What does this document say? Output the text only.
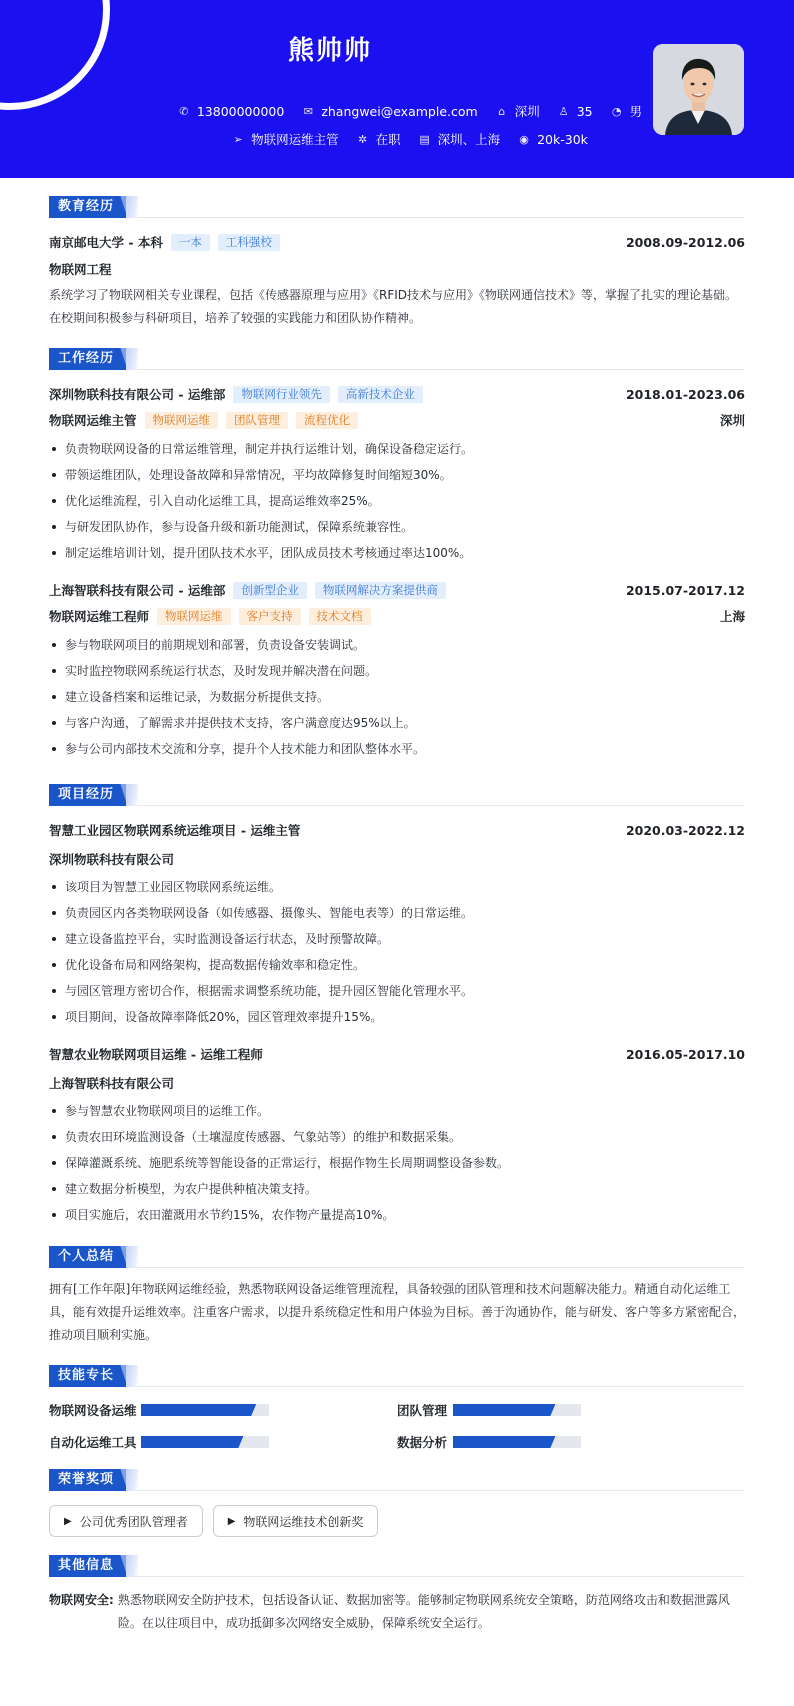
熊帅帅
✆ 13800000000 ✉ zhangwei@example.com ⌂ 深圳 ♙ 35 ◔ 男
➢ 物联网运维主管 ✲ 在职 ▤ 深圳、上海 ◉ 20k-30k
教育经历
南京邮电大学 - 本科	一本	工科强校	2008.09-2012.06
物联网工程
系统学习了物联网相关专业课程，包括《传感器原理与应用》《RFID技术与应用》《物联网通信技术》等，掌握了扎实的理论基础。在校期间积极参与科研项目，培养了较强的实践能力和团队协作精神。
工作经历
深圳物联科技有限公司 - 运维部	物联网行业领先	高新技术企业	2018.01-2023.06
物联网运维主管	物联网运维	团队管理	流程优化	深圳
负责物联网设备的日常运维管理，制定并执行运维计划，确保设备稳定运行。
带领运维团队，处理设备故障和异常情况，平均故障修复时间缩短30%。
优化运维流程，引入自动化运维工具，提高运维效率25%。
与研发团队协作，参与设备升级和新功能测试，保障系统兼容性。
制定运维培训计划，提升团队技术水平，团队成员技术考核通过率达100%。
上海智联科技有限公司 - 运维部	创新型企业	物联网解决方案提供商	2015.07-2017.12
物联网运维工程师	物联网运维	客户支持	技术文档	上海
参与物联网项目的前期规划和部署，负责设备安装调试。
实时监控物联网系统运行状态，及时发现并解决潜在问题。
建立设备档案和运维记录，为数据分析提供支持。
与客户沟通，了解需求并提供技术支持，客户满意度达95%以上。
参与公司内部技术交流和分享，提升个人技术能力和团队整体水平。
项目经历
智慧工业园区物联网系统运维项目 - 运维主管	2020.03-2022.12
深圳物联科技有限公司
该项目为智慧工业园区物联网系统运维。
负责园区内各类物联网设备（如传感器、摄像头、智能电表等）的日常运维。
建立设备监控平台，实时监测设备运行状态，及时预警故障。
优化设备布局和网络架构，提高数据传输效率和稳定性。
与园区管理方密切合作，根据需求调整系统功能，提升园区智能化管理水平。
项目期间，设备故障率降低20%，园区管理效率提升15%。
智慧农业物联网项目运维 - 运维工程师	2016.05-2017.10
上海智联科技有限公司
参与智慧农业物联网项目的运维工作。
负责农田环境监测设备（土壤湿度传感器、气象站等）的维护和数据采集。
保障灌溉系统、施肥系统等智能设备的正常运行，根据作物生长周期调整设备参数。
建立数据分析模型，为农户提供种植决策支持。
项目实施后，农田灌溉用水节约15%，农作物产量提高10%。
个人总结
拥有[工作年限]年物联网运维经验，熟悉物联网设备运维管理流程，具备较强的团队管理和技术问题解决能力。精通自动化运维工具，能有效提升运维效率。注重客户需求，以提升系统稳定性和用户体验为目标。善于沟通协作，能与研发、客户等多方紧密配合，推动项目顺利实施。
技能专长
物联网设备运维	团队管理
自动化运维工具	数据分析
荣誉奖项
▶ 公司优秀团队管理者	▶ 物联网运维技术创新奖
其他信息
物联网安全: 熟悉物联网安全防护技术，包括设备认证、数据加密等。能够制定物联网系统安全策略，防范网络攻击和数据泄露风险。在以往项目中，成功抵御多次网络安全威胁，保障系统安全运行。
